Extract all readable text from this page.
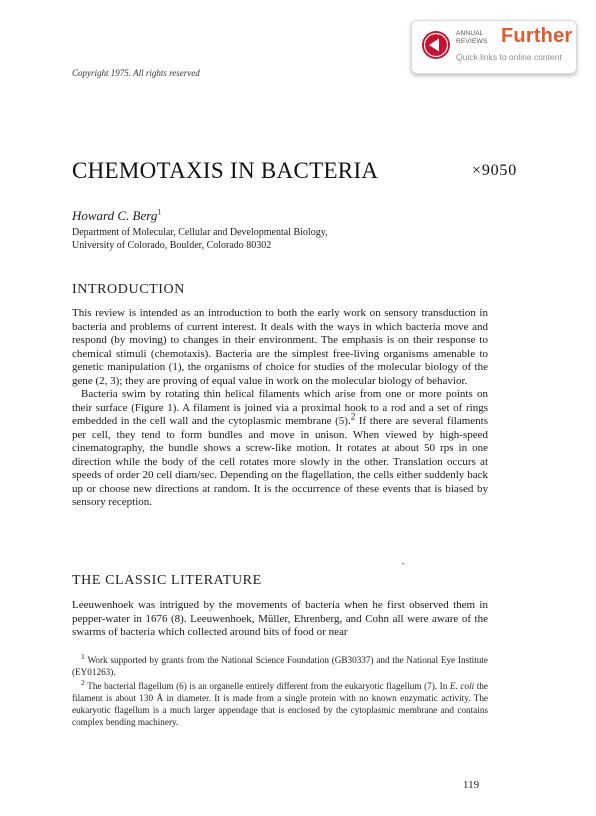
ANNUAL
REVIEWS Further
Quick links to online content
Copyright 1975. All rights reserved
CHEMOTAXIS IN BACTERIA	×9050
Howard C. Berg$^1$
Department of Molecular, Cellular and Developmental Biology,
University of Colorado, Boulder, Colorado 80302
INTRODUCTION

This review is intended as an introduction to both the early work on sensory transduction in bacteria and problems of current interest. It deals with the ways in which bacteria move and respond (by moving) to changes in their environment. The emphasis is on their response to chemical stimuli (chemotaxis). Bacteria are the simplest free-living organisms amenable to genetic manipulation (1), the organisms of choice for studies of the molecular biology of the gene (2, 3); they are proving of equal value in work on the molecular biology of behavior.

Bacteria swim by rotating thin helical filaments which arise from one or more points on their surface (Figure 1). A filament is joined via a proximal hook to a rod and a set of rings embedded in the cell wall and the cytoplasmic membrane (5).$^2$ If there are several filaments per cell, they tend to form bundles and move in unison. When viewed by high-speed cinematography, the bundle shows a screw-like motion. It rotates at about 50 rps in one direction while the body of the cell rotates more slowly in the other. Translation occurs at speeds of order 20 cell diam/sec. Depending on the flagellation, the cells either suddenly back up or choose new directions at random. It is the occurrence of these events that is biased by sensory reception.

THE CLASSIC LITERATURE

Leeuwenhoek was intrigued by the movements of bacteria when he first observed them in pepper-water in 1676 (8). Leeuwenhoek, Müller, Ehrenberg, and Cohn all were aware of the swarms of bacteria which collected around bits of food or near

$^1$ Work supported by grants from the National Science Foundation (GB30337) and the National Eye Institute (EY01263).

$^2$ The bacterial flagellum (6) is an organelle entirely different from the eukaryotic flagellum (7). In E. coli the filament is about 130 Å in diameter. It is made from a single protein with no known enzymatic activity. The eukaryotic flagellum is a much larger appendage that is enclosed by the cytoplasmic membrane and contains complex bending machinery.

119
